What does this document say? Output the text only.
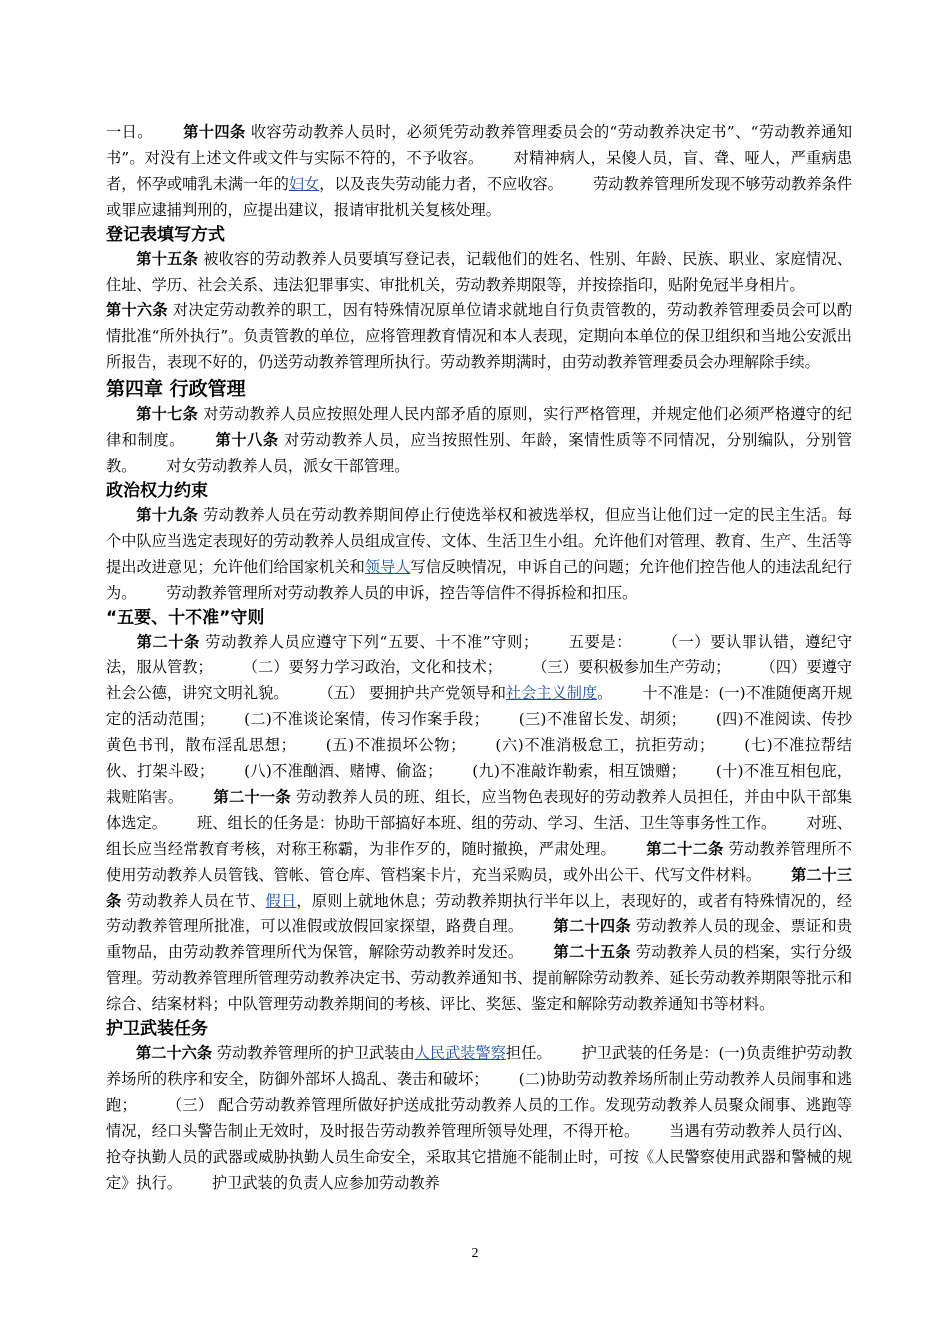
一日。 第十四条 收容劳动教养人员时，必须凭劳动教养管理委员会的“劳动教养决定书”、“劳动教养通知书”。对没有上述文件或文件与实际不符的，不予收容。 对精神病人，呆傻人员，盲、聋、哑人，严重病患者，怀孕或哺乳未满一年的妇女，以及丧失劳动能力者，不应收容。 劳动教养管理所发现不够劳动教养条件或罪应逮捕判刑的，应提出建议，报请审批机关复核处理。

登记表填写方式

第十五条 被收容的劳动教养人员要填写登记表，记载他们的姓名、性别、年龄、民族、职业、家庭情况、住址、学历、社会关系、违法犯罪事实、审批机关，劳动教养期限等，并按捺指印，贴附免冠半身相片。

第十六条 对决定劳动教养的职工，因有特殊情况原单位请求就地自行负责管教的，劳动教养管理委员会可以酌情批准“所外执行”。负责管教的单位，应将管理教育情况和本人表现，定期向本单位的保卫组织和当地公安派出所报告，表现不好的，仍送劳动教养管理所执行。劳动教养期满时，由劳动教养管理委员会办理解除手续。

第四章 行政管理

第十七条 对劳动教养人员应按照处理人民内部矛盾的原则，实行严格管理，并规定他们必须严格遵守的纪律和制度。 第十八条 对劳动教养人员，应当按照性别、年龄，案情性质等不同情况，分别编队，分别管教。 对女劳动教养人员，派女干部管理。

政治权力约束

第十九条 劳动教养人员在劳动教养期间停止行使选举权和被选举权，但应当让他们过一定的民主生活。每个中队应当选定表现好的劳动教养人员组成宣传、文体、生活卫生小组。允许他们对管理、教育、生产、生活等提出改进意见；允许他们给国家机关和领导人写信反映情况，申诉自己的问题；允许他们控告他人的违法乱纪行为。 劳动教养管理所对劳动教养人员的申诉，控告等信件不得拆检和扣压。

“五要、十不准”守则

第二十条 劳动教养人员应遵守下列“五要、十不准”守则； 五要是： （一）要认罪认错，遵纪守法，服从管教； （二）要努力学习政治，文化和技术； （三）要积极参加生产劳动； （四）要遵守社会公德，讲究文明礼貌。 （五） 要拥护共产党领导和社会主义制度。 十不准是：(一)不准随便离开规定的活动范围； (二)不准谈论案情，传习作案手段； (三)不准留长发、胡须； (四)不准阅读、传抄黄色书刊，散布淫乱思想； (五)不准损坏公物； (六)不准消极怠工，抗拒劳动； (七)不准拉帮结伙、打架斗殴； (八)不准酗酒、赌博、偷盗； (九)不准敲诈勒索，相互馈赠； (十)不准互相包庇，栽赃陷害。 第二十一条 劳动教养人员的班、组长，应当物色表现好的劳动教养人员担任，并由中队干部集体选定。 班、组长的任务是：协助干部搞好本班、组的劳动、学习、生活、卫生等事务性工作。 对班、组长应当经常教育考核，对称王称霸，为非作歹的，随时撤换，严肃处理。 第二十二条 劳动教养管理所不使用劳动教养人员管钱、管帐、管仓库、管档案卡片，充当采购员，或外出公干、代写文件材料。 第二十三条 劳动教养人员在节、假日，原则上就地休息；劳动教养期执行半年以上，表现好的，或者有特殊情况的，经劳动教养管理所批准，可以准假或放假回家探望，路费自理。 第二十四条 劳动教养人员的现金、票证和贵重物品，由劳动教养管理所代为保管，解除劳动教养时发还。 第二十五条 劳动教养人员的档案，实行分级管理。劳动教养管理所管理劳动教养决定书、劳动教养通知书、提前解除劳动教养、延长劳动教养期限等批示和综合、结案材料；中队管理劳动教养期间的考核、评比、奖惩、鉴定和解除劳动教养通知书等材料。

护卫武装任务

第二十六条 劳动教养管理所的护卫武装由人民武装警察担任。 护卫武装的任务是：(一)负责维护劳动教养场所的秩序和安全，防御外部坏人捣乱、袭击和破坏； (二)协助劳动教养场所制止劳动教养人员闹事和逃跑； （三） 配合劳动教养管理所做好护送成批劳动教养人员的工作。发现劳动教养人员聚众闹事、逃跑等情况，经口头警告制止无效时，及时报告劳动教养管理所领导处理，不得开枪。 当遇有劳动教养人员行凶、抢夺执勤人员的武器或威胁执勤人员生命安全，采取其它措施不能制止时，可按《人民警察使用武器和警械的规定》执行。 护卫武装的负责人应参加劳动教养

2
